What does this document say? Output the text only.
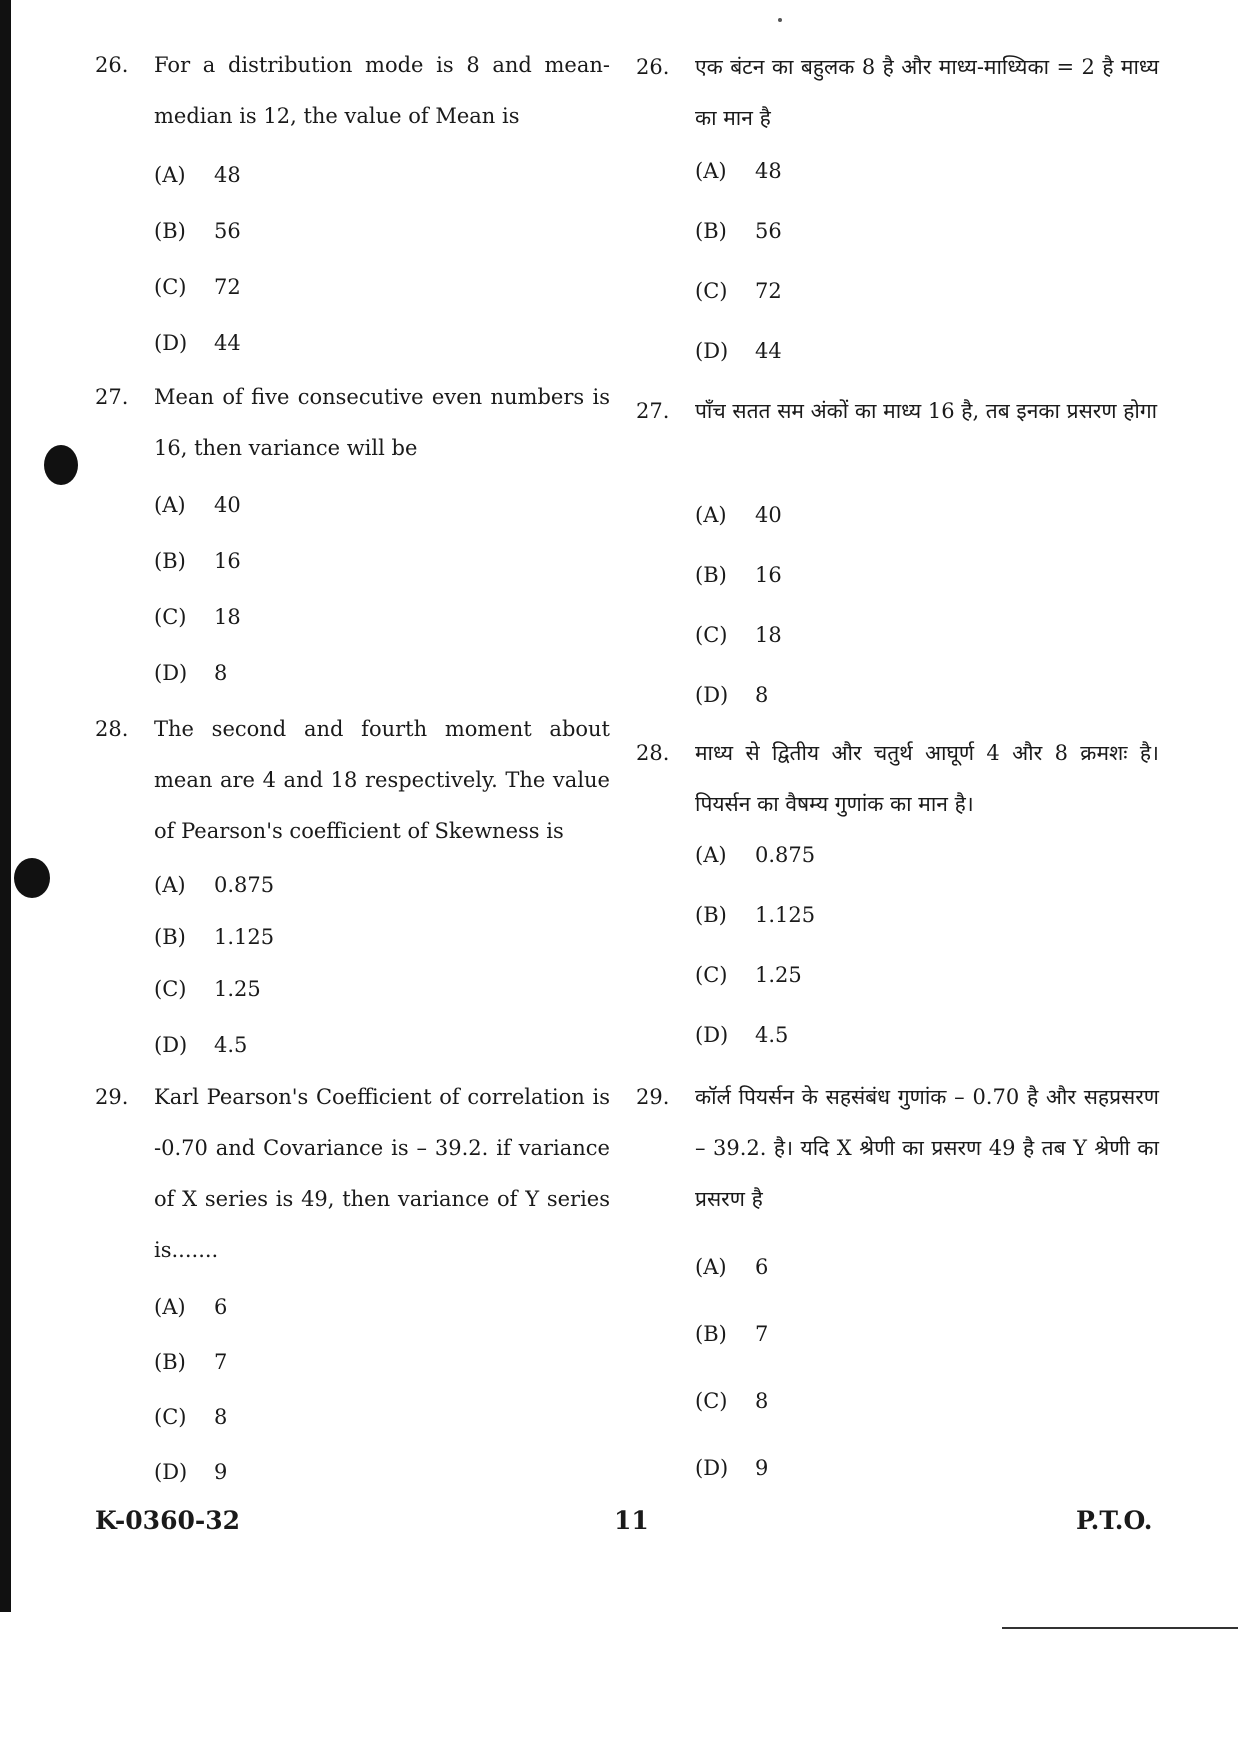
26. For a distribution mode is 8 and mean-median is 12, the value of Mean is
(A) 48
(B) 56
(C) 72
(D) 44
27. Mean of five consecutive even numbers is 16, then variance will be
(A) 40
(B) 16
(C) 18
(D) 8
28. The second and fourth moment about mean are 4 and 18 respectively. The value of Pearson's coefficient of Skewness is
(A) 0.875
(B) 1.125
(C) 1.25
(D) 4.5
29. Karl Pearson's Coefficient of correlation is -0.70 and Covariance is – 39.2. if variance of X series is 49, then variance of Y series is.......
(A) 6
(B) 7
(C) 8
(D) 9
26. एक बंटन का बहुलक 8 है और माध्य-माध्यिका = 2 है माध्य का मान है
(A) 48
(B) 56
(C) 72
(D) 44
27. पाँच सतत सम अंकों का माध्य 16 है, तब इनका प्रसरण होगा
(A) 40
(B) 16
(C) 18
(D) 8
28. माध्य से द्वितीय और चतुर्थ आघूर्ण 4 और 8 क्रमशः है। पियर्सन का वैषम्य गुणांक का मान है।
(A) 0.875
(B) 1.125
(C) 1.25
(D) 4.5
29. कॉर्ल पियर्सन के सहसंबंध गुणांक – 0.70 है और सहप्रसरण – 39.2. है। यदि X श्रेणी का प्रसरण 49 है तब Y श्रेणी का प्रसरण है
(A) 6
(B) 7
(C) 8
(D) 9
K-0360-32	11	P.T.O.
